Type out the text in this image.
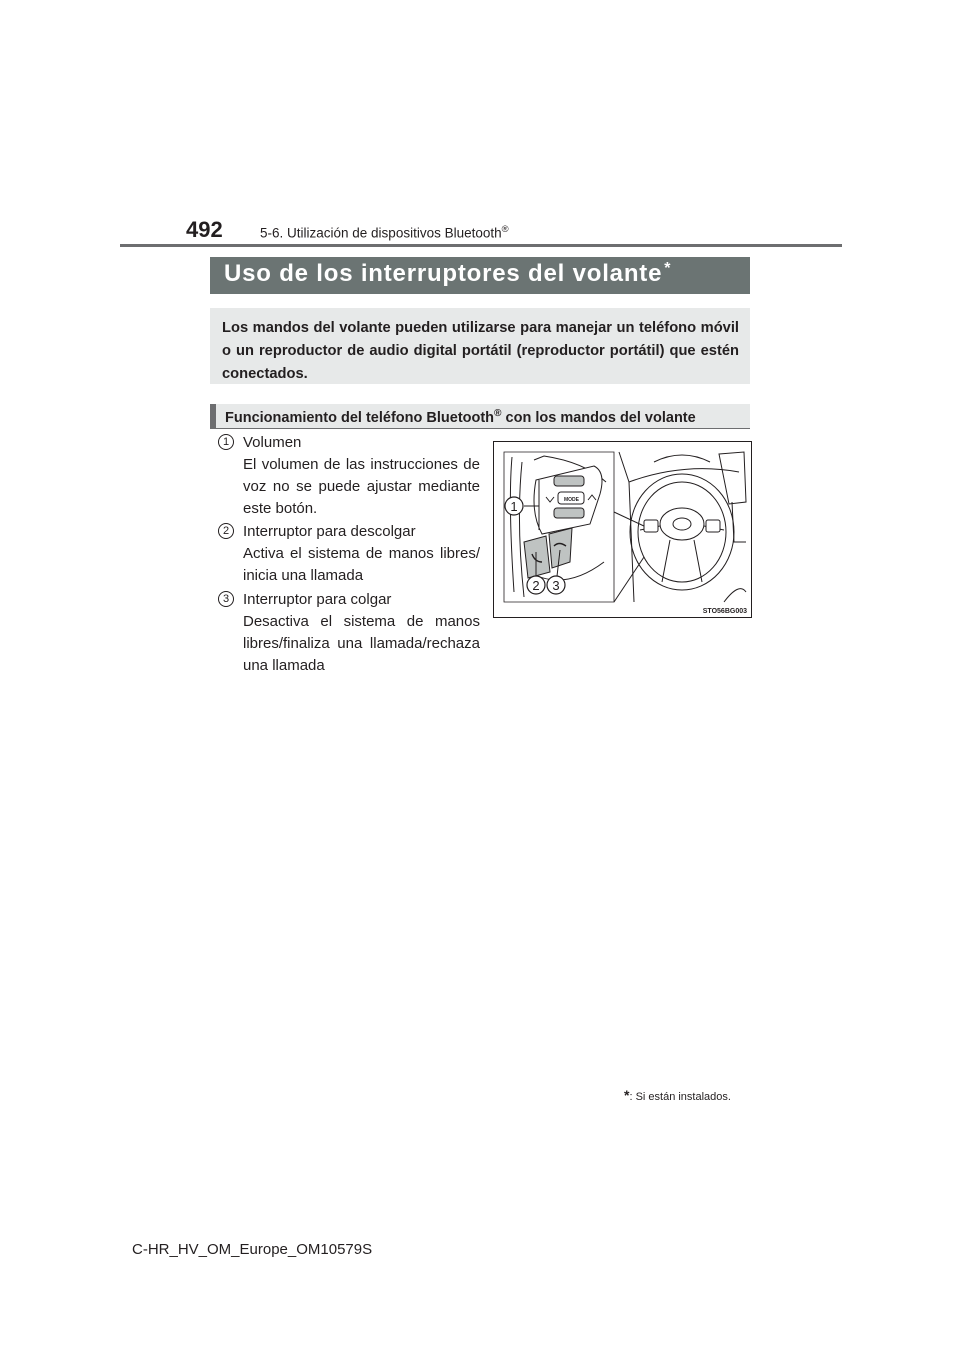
492	5-6. Utilización de dispositivos Bluetooth®
Uso de los interruptores del volante *
Los mandos del volante pueden utilizarse para manejar un teléfono móvil o un reproductor de audio digital portátil (reproductor portátil) que estén conectados.
Funcionamiento del teléfono Bluetooth® con los mandos del volante
1 Volumen
El volumen de las instrucciones de voz no se puede ajustar mediante este botón.
2 Interruptor para descolgar
Activa el sistema de manos libres/ inicia una llamada
3 Interruptor para colgar
Desactiva el sistema de manos libres/finaliza una llamada/rechaza una llamada
MODE
1
2 3
STO56BG003
*: Si están instalados.
C-HR_HV_OM_Europe_OM10579S
